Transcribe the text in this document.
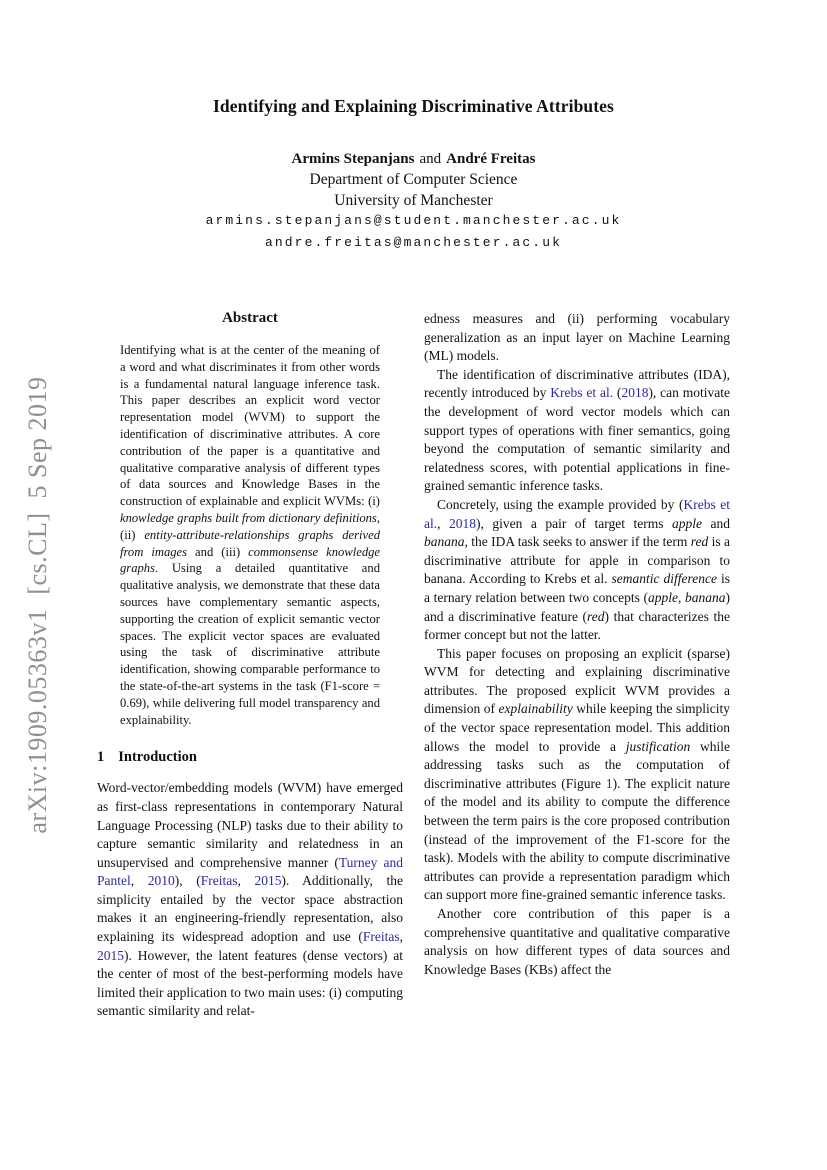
arXiv:1909.05363v1  [cs.CL]  5 Sep 2019
Identifying and Explaining Discriminative Attributes
Armins Stepanjans and André Freitas
Department of Computer Science
University of Manchester
armins.stepanjans@student.manchester.ac.uk
andre.freitas@manchester.ac.uk
Abstract

Identifying what is at the center of the meaning of a word and what discriminates it from other words is a fundamental natural language inference task. This paper describes an explicit word vector representation model (WVM) to support the identification of discriminative attributes. A core contribution of the paper is a quantitative and qualitative comparative analysis of different types of data sources and Knowledge Bases in the construction of explainable and explicit WVMs: (i) knowledge graphs built from dictionary definitions, (ii) entity-attribute-relationships graphs derived from images and (iii) commonsense knowledge graphs. Using a detailed quantitative and qualitative analysis, we demonstrate that these data sources have complementary semantic aspects, supporting the creation of explicit semantic vector spaces. The explicit vector spaces are evaluated using the task of discriminative attribute identification, showing comparable performance to the state-of-the-art systems in the task (F1-score = 0.69), while delivering full model transparency and explainability.

1 Introduction

Word-vector/embedding models (WVM) have emerged as first-class representations in contemporary Natural Language Processing (NLP) tasks due to their ability to capture semantic similarity and relatedness in an unsupervised and comprehensive manner (Turney and Pantel, 2010), (Freitas, 2015). Additionally, the simplicity entailed by the vector space abstraction makes it an engineering-friendly representation, also explaining its widespread adoption and use (Freitas, 2015). However, the latent features (dense vectors) at the center of most of the best-performing models have limited their application to two main uses: (i) computing semantic similarity and relat-

edness measures and (ii) performing vocabulary generalization as an input layer on Machine Learning (ML) models.

The identification of discriminative attributes (IDA), recently introduced by Krebs et al. (2018), can motivate the development of word vector models which can support types of operations with finer semantics, going beyond the computation of semantic similarity and relatedness scores, with potential applications in fine-grained semantic inference tasks.

Concretely, using the example provided by (Krebs et al., 2018), given a pair of target terms apple and banana, the IDA task seeks to answer if the term red is a discriminative attribute for apple in comparison to banana. According to Krebs et al. semantic difference is a ternary relation between two concepts (apple, banana) and a discriminative feature (red) that characterizes the former concept but not the latter.

This paper focuses on proposing an explicit (sparse) WVM for detecting and explaining discriminative attributes. The proposed explicit WVM provides a dimension of explainability while keeping the simplicity of the vector space representation model. This addition allows the model to provide a justification while addressing tasks such as the computation of discriminative attributes (Figure 1). The explicit nature of the model and its ability to compute the difference between the term pairs is the core proposed contribution (instead of the improvement of the F1-score for the task). Models with the ability to compute discriminative attributes can provide a representation paradigm which can support more fine-grained semantic inference tasks.

Another core contribution of this paper is a comprehensive quantitative and qualitative comparative analysis on how different types of data sources and Knowledge Bases (KBs) affect the
